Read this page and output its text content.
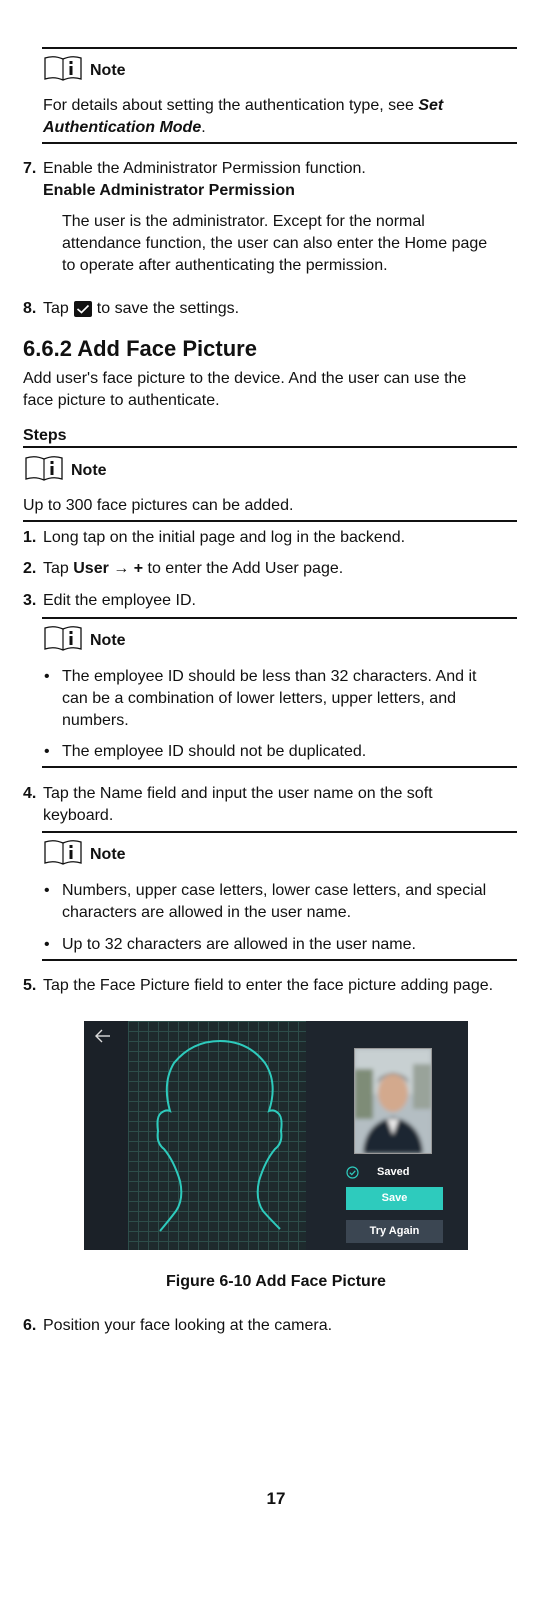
Note
For details about setting the authentication type, see Set Authentication Mode.
7. Enable the Administrator Permission function.
Enable Administrator Permission
The user is the administrator. Except for the normal
attendance function, the user can also enter the Home page
to operate after authenticating the permission.
8. Tap to save the settings.
6.6.2 Add Face Picture
Add user's face picture to the device. And the user can use the
face picture to authenticate.
Steps
Note
Up to 300 face pictures can be added.
1. Long tap on the initial page and log in the backend.
2. Tap User → + to enter the Add User page.
3. Edit the employee ID.
Note
• The employee ID should be less than 32 characters. And it
can be a combination of lower letters, upper letters, and
numbers.
• The employee ID should not be duplicated.
4. Tap the Name field and input the user name on the soft
keyboard.
Note
• Numbers, upper case letters, lower case letters, and special
characters are allowed in the user name.
• Up to 32 characters are allowed in the user name.
5. Tap the Face Picture field to enter the face picture adding page.
Saved
Save
Try Again
Figure 6-10 Add Face Picture
6. Position your face looking at the camera.
17
